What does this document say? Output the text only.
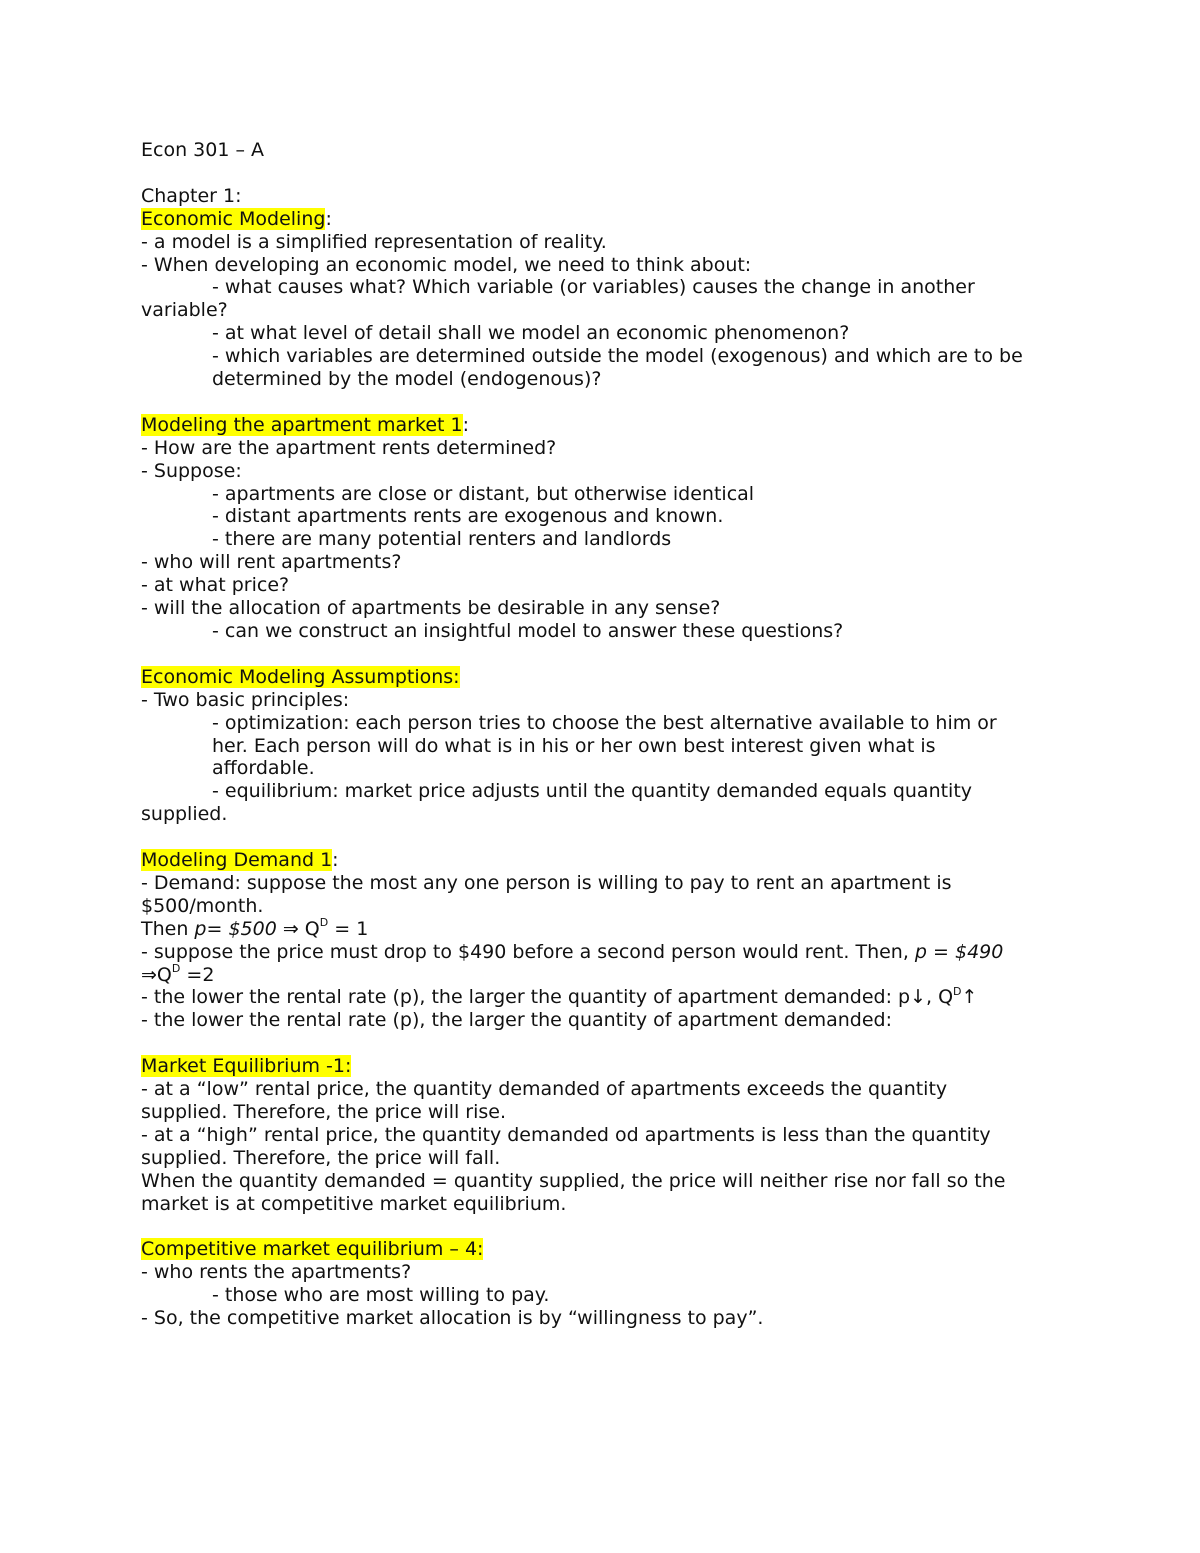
Econ 301 – A

Chapter 1:

Economic Modeling:

- a model is a simplified representation of reality.

- When developing an economic model, we need to think about:

- what causes what? Which variable (or variables) causes the change in another

variable?

- at what level of detail shall we model an economic phenomenon?

- which variables are determined outside the model (exogenous) and which are to be

determined by the model (endogenous)?

Modeling the apartment market 1:

- How are the apartment rents determined?

- Suppose:

- apartments are close or distant, but otherwise identical

- distant apartments rents are exogenous and known.

- there are many potential renters and landlords

- who will rent apartments?

- at what price?

- will the allocation of apartments be desirable in any sense?

- can we construct an insightful model to answer these questions?

Economic Modeling Assumptions:

- Two basic principles:

- optimization: each person tries to choose the best alternative available to him or

her. Each person will do what is in his or her own best interest given what is

affordable.

- equilibrium: market price adjusts until the quantity demanded equals quantity

supplied.

Modeling Demand 1:

- Demand: suppose the most any one person is willing to pay to rent an apartment is

$500/month.

Then p= $500 ⇒ $Q^D = 1$

- suppose the price must drop to $490 before a second person would rent. Then, p = $490

$\Rightarrow Q^D =2$

- the lower the rental rate (p), the larger the quantity of apartment demanded: p↓, $Q^D↑$

- the lower the rental rate (p), the larger the quantity of apartment demanded:

Market Equilibrium -1:

- at a “low” rental price, the quantity demanded of apartments exceeds the quantity

supplied. Therefore, the price will rise.

- at a “high” rental price, the quantity demanded od apartments is less than the quantity

supplied. Therefore, the price will fall.

When the quantity demanded = quantity supplied, the price will neither rise nor fall so the

market is at competitive market equilibrium.

Competitive market equilibrium – 4:

- who rents the apartments?

- those who are most willing to pay.

- So, the competitive market allocation is by “willingness to pay”.
